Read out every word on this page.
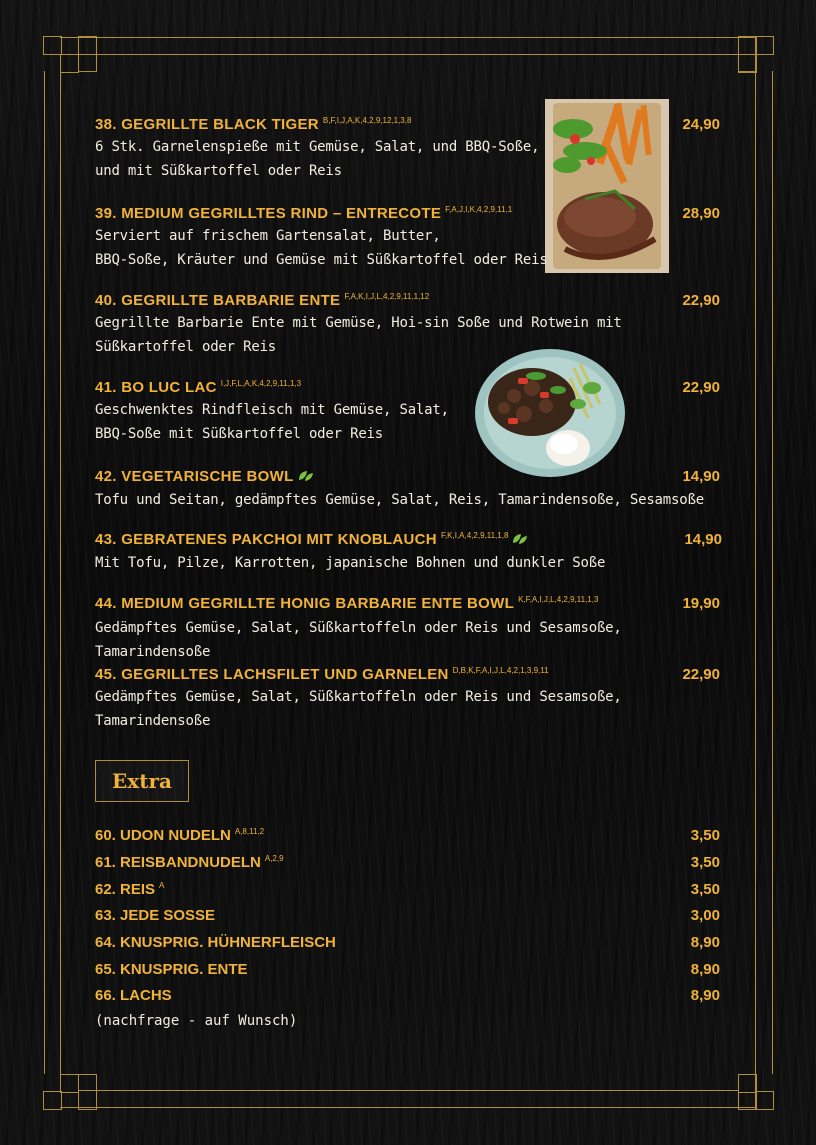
38. GEGRILLTE BLACK TIGER $^{B,F,I,J,A,K,4,2,9,12,1,3,8}$	24,90
6 Stk. Garnelenspieße mit Gemüse, Salat, und BBQ-Soße,
und mit Süßkartoffel oder Reis
39. MEDIUM GEGRILLTES RIND – ENTRECOTE $^{F,A,J,I,K,4,2,9,11,1}$	28,90
Serviert auf frischem Gartensalat, Butter,
BBQ-Soße, Kräuter und Gemüse mit Süßkartoffel oder Reis
40. GEGRILLTE BARBARIE ENTE $^{F,A,K,I,J,L,4,2,9,11,1,12}$	22,90
Gegrillte Barbarie Ente mit Gemüse, Hoi-sin Soße und Rotwein mit
Süßkartoffel oder Reis
41. BO LUC LAC $^{I,J,F,L,A,K,4,2,9,11,1,3}$	22,90
Geschwenktes Rindfleisch mit Gemüse, Salat,
BBQ-Soße mit Süßkartoffel oder Reis
42. VEGETARISCHE BOWL	14,90
Tofu und Seitan, gedämpftes Gemüse, Salat, Reis, Tamarindensoße, Sesamsoße
43. GEBRATENES PAKCHOI MIT KNOBLAUCH $^{F,K,I,A,4,2,9,11,1,8}$	14,90
Mit Tofu, Pilze, Karrotten, japanische Bohnen und dunkler Soße
44. MEDIUM GEGRILLTE HONIG BARBARIE ENTE BOWL $^{K,F,A,I,J,L,4,2,9,11,1,3}$	19,90
Gedämpftes Gemüse, Salat, Süßkartoffeln oder Reis und Sesamsoße, Tamarindensoße
45. GEGRILLTES LACHSFILET UND GARNELEN $^{D,B,K,F,A,I,J,L,4,2,1,3,9,11}$	22,90
Gedämpftes Gemüse, Salat, Süßkartoffeln oder Reis und Sesamsoße, Tamarindensoße
Extra
60. UDON NUDELN $^{A,8,11,2}$	3,50
61. REISBANDNUDELN $^{A,2,9}$	3,50
62. REIS $^A$	3,50
63. JEDE SOSSE	3,00
64. KNUSPRIG. HÜHNERFLEISCH	8,90
65. KNUSPRIG. ENTE	8,90
66. LACHS	8,90
(nachfrage - auf Wunsch)
